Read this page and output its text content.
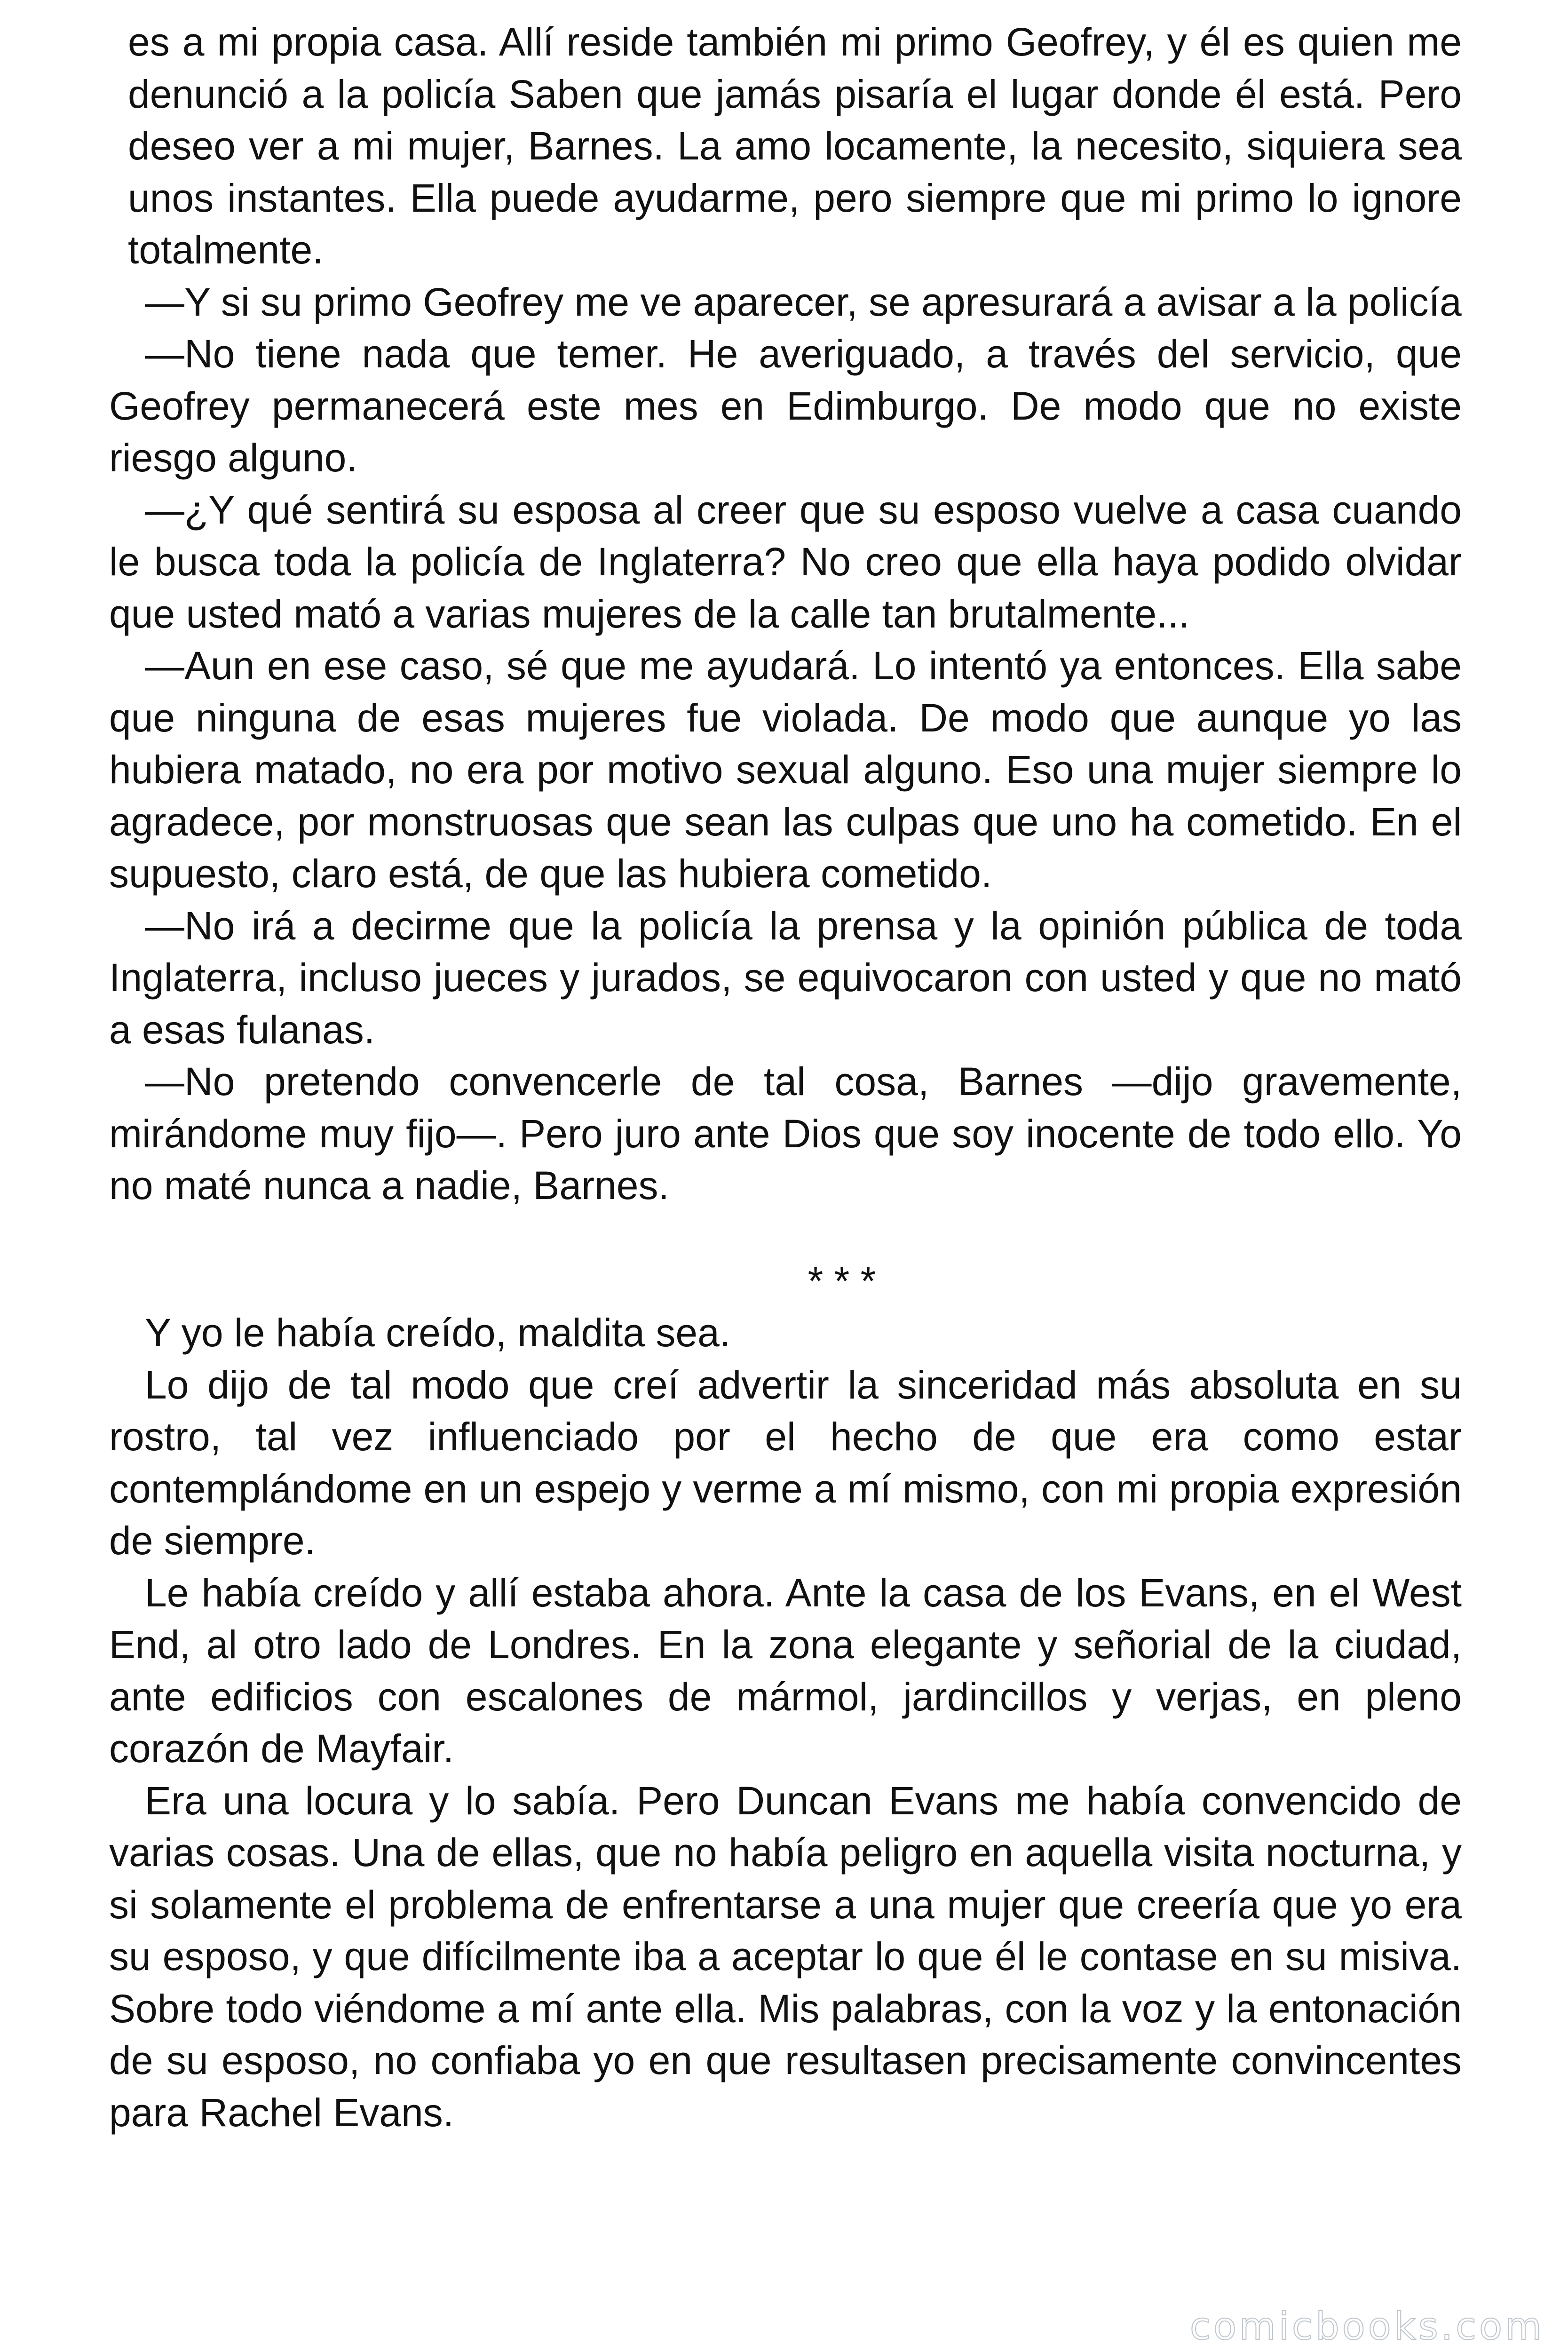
es a mi propia casa. Allí reside también mi primo Geofrey, y él es quien me denunció a la policía Saben que jamás pisaría el lugar donde él está. Pero deseo ver a mi mujer, Barnes. La amo locamente, la necesito, siquiera sea unos instantes. Ella puede ayudarme, pero siempre que mi primo lo ignore totalmente.

—Y si su primo Geofrey me ve aparecer, se apresurará a avisar a la policía

—No tiene nada que temer. He averiguado, a través del servicio, que Geofrey permanecerá este mes en Edimburgo. De modo que no existe riesgo alguno.

—¿Y qué sentirá su esposa al creer que su esposo vuelve a casa cuando le busca toda la policía de Inglaterra? No creo que ella haya podido olvidar que usted mató a varias mujeres de la calle tan brutalmente...

—Aun en ese caso, sé que me ayudará. Lo intentó ya entonces. Ella sabe que ninguna de esas mujeres fue violada. De modo que aunque yo las hubiera matado, no era por motivo sexual alguno. Eso una mujer siempre lo agradece, por monstruosas que sean las culpas que uno ha cometido. En el supuesto, claro está, de que las hubiera cometido.

—No irá a decirme que la policía la prensa y la opinión pública de toda Inglaterra, incluso jueces y jurados, se equivocaron con usted y que no mató a esas fulanas.

—No pretendo convencerle de tal cosa, Barnes —dijo gravemente, mirándome muy fijo—. Pero juro ante Dios que soy inocente de todo ello. Yo no maté nunca a nadie, Barnes.

* * *

Y yo le había creído, maldita sea.

Lo dijo de tal modo que creí advertir la sinceridad más absoluta en su rostro, tal vez influenciado por el hecho de que era como estar contemplándome en un espejo y verme a mí mismo, con mi propia expresión de siempre.

Le había creído y allí estaba ahora. Ante la casa de los Evans, en el West End, al otro lado de Londres. En la zona elegante y señorial de la ciudad, ante edificios con escalones de mármol, jardincillos y verjas, en pleno corazón de Mayfair.

Era una locura y lo sabía. Pero Duncan Evans me había convencido de varias cosas. Una de ellas, que no había peligro en aquella visita nocturna, y si solamente el problema de enfrentarse a una mujer que creería que yo era su esposo, y que difícilmente iba a aceptar lo que él le contase en su misiva. Sobre todo viéndome a mí ante ella. Mis palabras, con la voz y la entonación de su esposo, no confiaba yo en que resultasen precisamente convincentes para Rachel Evans.

comicbooks.com
